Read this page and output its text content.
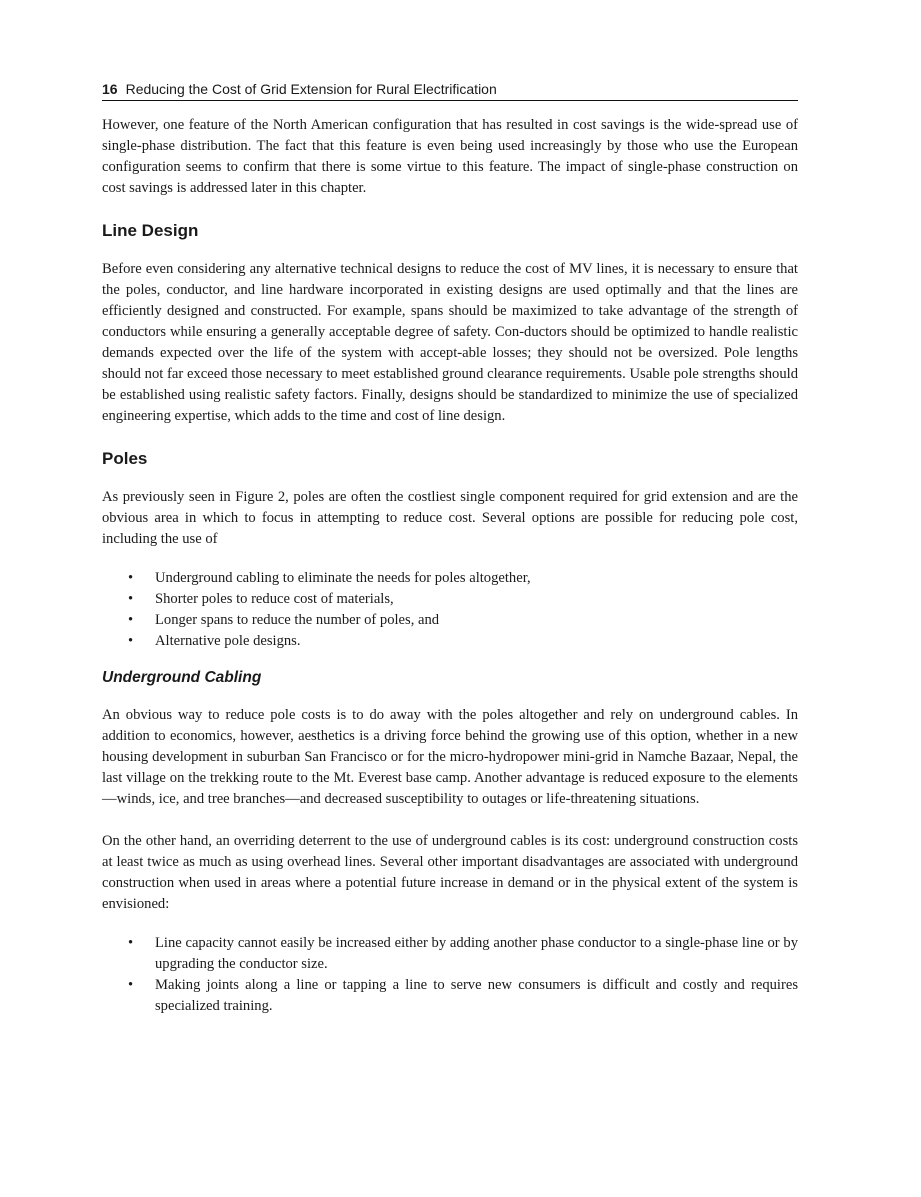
16 Reducing the Cost of Grid Extension for Rural Electrification

However, one feature of the North American configuration that has resulted in cost savings is the wide-spread use of single-phase distribution. The fact that this feature is even being used increasingly by those who use the European configuration seems to confirm that there is some virtue to this feature. The impact of single-phase construction on cost savings is addressed later in this chapter.

Line Design

Before even considering any alternative technical designs to reduce the cost of MV lines, it is necessary to ensure that the poles, conductor, and line hardware incorporated in existing designs are used optimally and that the lines are efficiently designed and constructed. For example, spans should be maximized to take advantage of the strength of conductors while ensuring a generally acceptable degree of safety. Con-ductors should be optimized to handle realistic demands expected over the life of the system with accept-able losses; they should not be oversized. Pole lengths should not far exceed those necessary to meet established ground clearance requirements. Usable pole strengths should be established using realistic safety factors. Finally, designs should be standardized to minimize the use of specialized engineering expertise, which adds to the time and cost of line design.

Poles

As previously seen in Figure 2, poles are often the costliest single component required for grid extension and are the obvious area in which to focus in attempting to reduce cost. Several options are possible for reducing pole cost, including the use of

• Underground cabling to eliminate the needs for poles altogether,
• Shorter poles to reduce cost of materials,
• Longer spans to reduce the number of poles, and
• Alternative pole designs.
Underground Cabling

An obvious way to reduce pole costs is to do away with the poles altogether and rely on underground cables. In addition to economics, however, aesthetics is a driving force behind the growing use of this option, whether in a new housing development in suburban San Francisco or for the micro-hydropower mini-grid in Namche Bazaar, Nepal, the last village on the trekking route to the Mt. Everest base camp. Another advantage is reduced exposure to the elements—winds, ice, and tree branches—and decreased susceptibility to outages or life-threatening situations.

On the other hand, an overriding deterrent to the use of underground cables is its cost: underground construction costs at least twice as much as using overhead lines. Several other important disadvantages are associated with underground construction when used in areas where a potential future increase in demand or in the physical extent of the system is envisioned:

• Line capacity cannot easily be increased either by adding another phase conductor to a single-phase line or by upgrading the conductor size.
• Making joints along a line or tapping a line to serve new consumers is difficult and costly and requires specialized training.
